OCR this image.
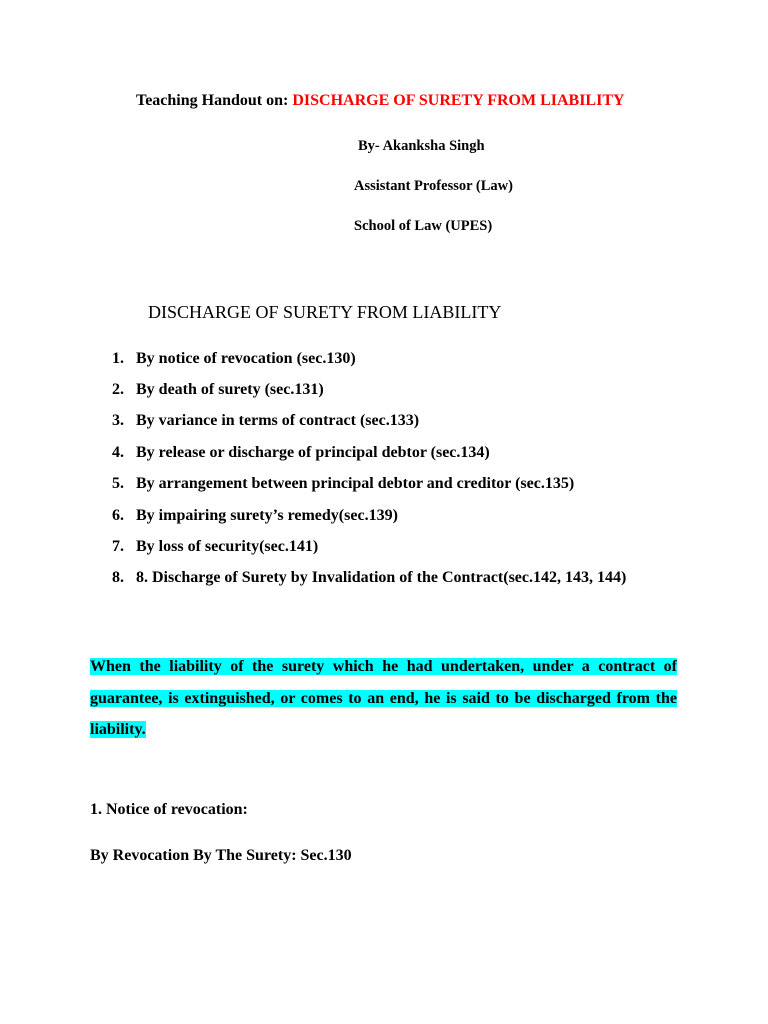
Teaching Handout on: DISCHARGE OF SURETY FROM LIABILITY
By- Akanksha Singh
Assistant Professor (Law)
School of Law (UPES)
DISCHARGE OF SURETY FROM LIABILITY
1. By notice of revocation (sec.130)
2. By death of surety (sec.131)
3. By variance in terms of contract (sec.133)
4. By release or discharge of principal debtor (sec.134)
5. By arrangement between principal debtor and creditor (sec.135)
6. By impairing surety’s remedy(sec.139)
7. By loss of security(sec.141)
8. 8. Discharge of Surety by Invalidation of the Contract(sec.142, 143, 144)

When the liability of the surety which he had undertaken, under a contract of guarantee, is extinguished, or comes to an end, he is said to be discharged from the liability.

1. Notice of revocation:
By Revocation By The Surety: Sec.130
